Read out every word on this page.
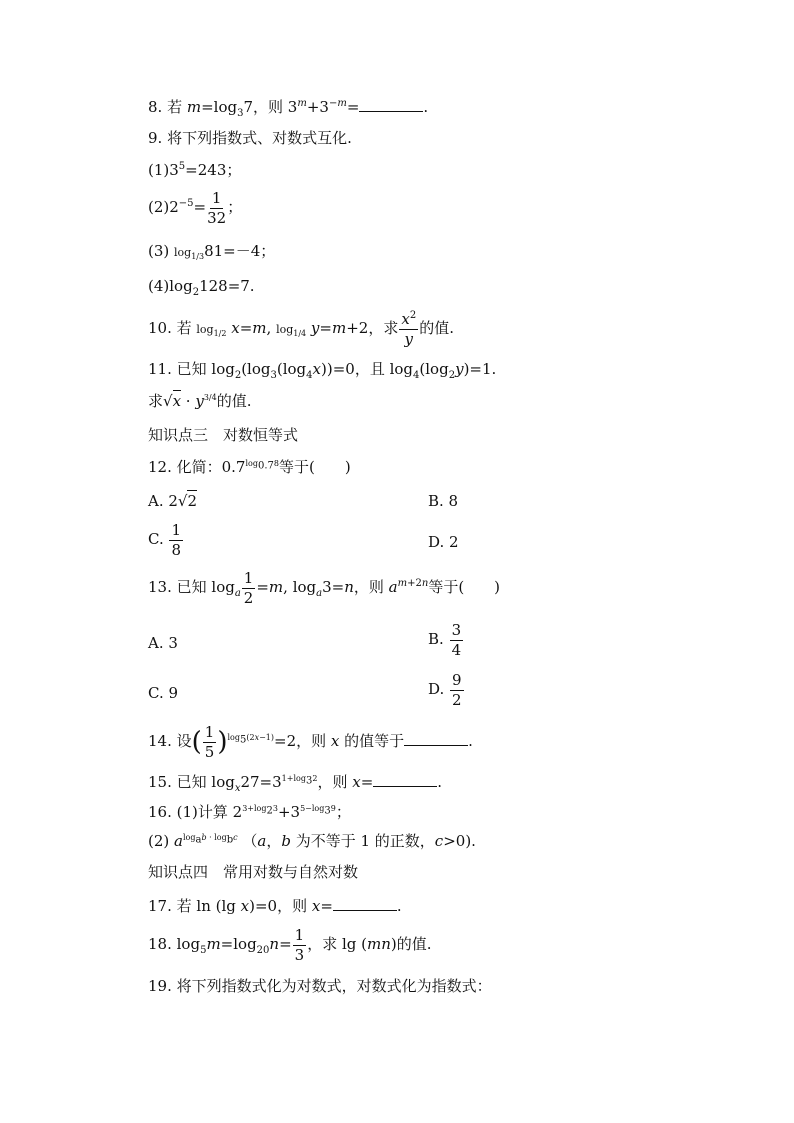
8. 若 $m=\log_37$，则 $3^m+3^{-m}=$	.
9. 将下列指数式、对数式互化.
$(1)3^5=243$；
$(2)2^{-5}= \frac{1}{32}$ ；
(3) $\log_{1/3}81=-4$；
$(4)\log_2128=7$.
10. 若 $\log_{1/2} x=m$, $\log_{1/4} y=m+2$，求 $\frac{x^2}{y}$ 的值.
11. 已知 $\log_2(\log_3(\log_4x))=0$，且 $\log_4(\log_2y)=1$.
求$√x \cdot y^{3/4}$的值.
知识点三　对数恒等式
12. 化简：$0.7^{log_{0.7}8}$等于(　　)
A. 2√2	B. 8
C. $\frac{1}{8}$	D. 2
13. 已知 $\log_a \frac{1}{2} =m$, $\log_a3=n$，则 $a^{m+2n}$等于(　　)
A. 3	B. $\frac{3}{4}$
C. 9	D. $\frac{9}{2}$
14. 设( $\frac{1}{5} )^{log_5(2x-1)}=2$，则 x 的值等于	.
15. 已知 $\log_x27=3^{1+log_32}$，则 x=	.
16. (1)计算 $2^{3+log_23}+3^{5-log_39}$；
(2) $a^{log_ab \cdot log_bc}$ （a，b 为不等于 1 的正数，c>0).
知识点四　常用对数与自然对数
17. 若 ln (lg x)=0，则 x=	.
18. $\log_5m=\log_{20}n= \frac{1}{3}$ ，求 lg (mn)的值.
19. 将下列指数式化为对数式，对数式化为指数式：
